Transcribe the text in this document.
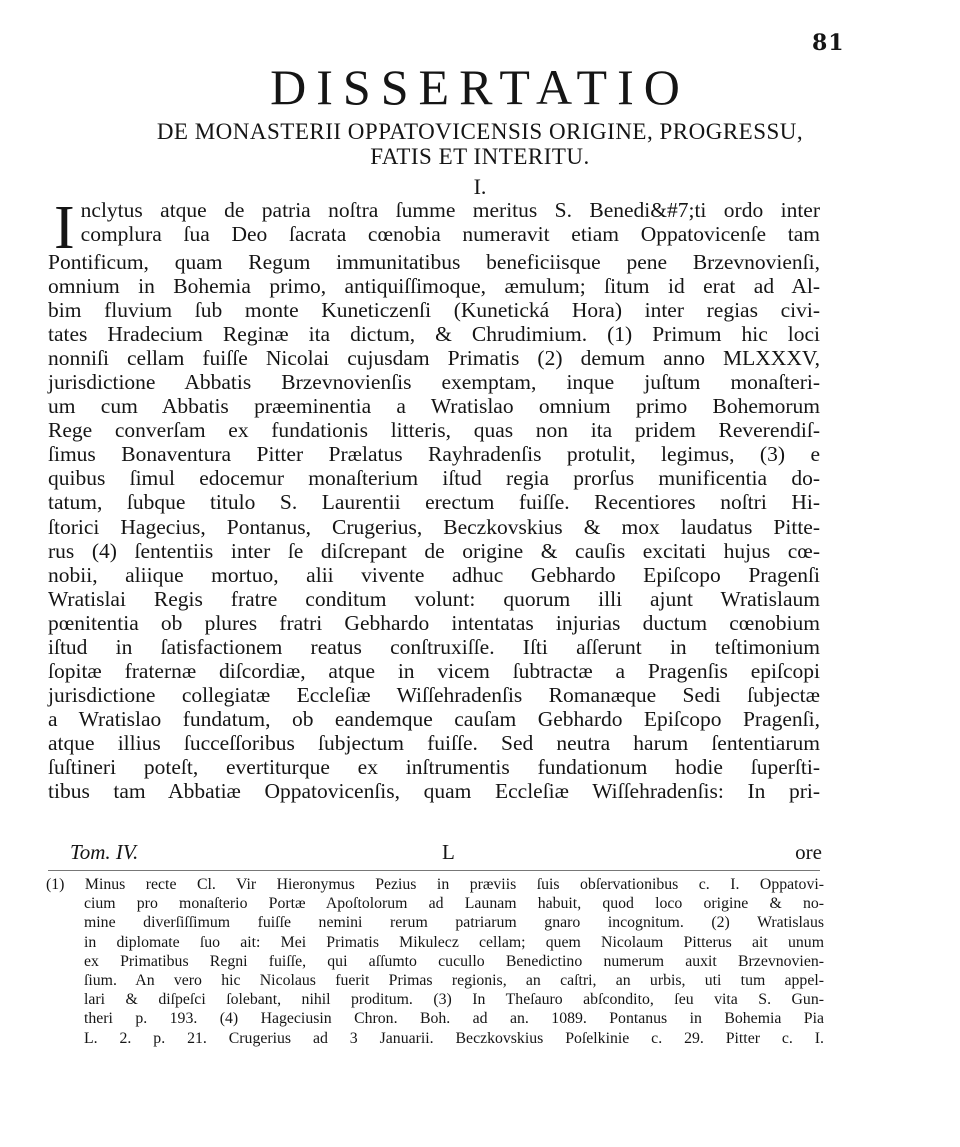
81
DISSERTATIO
DE MONASTERII OPPATOVICENSIS ORIGINE, PROGRESSU,
FATIS ET INTERITU.
I.
I nclytus atque de patria noſtra ſumme meritus S. Benedi&#7;ti ordo inter
complura ſua Deo ſacrata cœnobia numeravit etiam Oppatovicenſe tam
Pontificum, quam Regum immunitatibus beneficiisque pene Brzevnovienſi,
omnium in Bohemia primo, antiquiſſimoque, æmulum; ſitum id erat ad Al-
bim fluvium ſub monte Kuneticzenſi (Kunetická Hora) inter regias civi-
tates Hradecium Reginæ ita dictum, & Chrudimium. (1) Primum hic loci
nonniſi cellam fuiſſe Nicolai cujusdam Primatis (2) demum anno MLXXXV,
jurisdictione Abbatis Brzevnovienſis exemptam, inque juſtum monaſteri-
um cum Abbatis præeminentia a Wratislao omnium primo Bohemorum
Rege converſam ex fundationis litteris, quas non ita pridem Reverendiſ-
ſimus Bonaventura Pitter Prælatus Rayhradenſis protulit, legimus, (3) e
quibus ſimul edocemur monaſterium iſtud regia prorſus munificentia do-
tatum, ſubque titulo S. Laurentii erectum fuiſſe. Recentiores noſtri Hi-
ſtorici Hagecius, Pontanus, Crugerius, Beczkovskius & mox laudatus Pitte-
rus (4) ſententiis inter ſe diſcrepant de origine & cauſis excitati hujus cœ-
nobii, aliique mortuo, alii vivente adhuc Gebhardo Epiſcopo Pragenſi
Wratislai Regis fratre conditum volunt: quorum illi ajunt Wratislaum
pœnitentia ob plures fratri Gebhardo intentatas injurias ductum cœnobium
iſtud in ſatisfactionem reatus conſtruxiſſe. Iſti aſſerunt in teſtimonium
ſopitæ fraternæ diſcordiæ, atque in vicem ſubtractæ a Pragenſis epiſcopi
jurisdictione collegiatæ Eccleſiæ Wiſſehradenſis Romanæque Sedi ſubjectæ
a Wratislao fundatum, ob eandemque cauſam Gebhardo Epiſcopo Pragenſi,
atque illius ſucceſſoribus ſubjectum fuiſſe. Sed neutra harum ſententiarum
ſuſtineri poteſt, evertiturque ex inſtrumentis fundationum hodie ſuperſti-
tibus tam Abbatiæ Oppatovicenſis, quam Eccleſiæ Wiſſehradenſis: In pri-
Tom. IV.	L	ore
(1) Minus recte Cl. Vir Hieronymus Pezius in præviis ſuis obſervationibus c. I. Oppatovi-
cium pro monaſterio Portæ Apoſtolorum ad Launam habuit, quod loco origine & no-
mine diverſiſſimum fuiſſe nemini rerum patriarum gnaro incognitum. (2) Wratislaus
in diplomate ſuo ait: Mei Primatis Mikulecz cellam; quem Nicolaum Pitterus ait unum
ex Primatibus Regni fuiſſe, qui aſſumto cucullo Benedictino numerum auxit Brzevnovien-
ſium. An vero hic Nicolaus fuerit Primas regionis, an caſtri, an urbis, uti tum appel-
lari & diſpeſci ſolebant, nihil proditum. (3) In Theſauro abſcondito, ſeu vita S. Gun-
theri p. 193. (4) Hageciusin Chron. Boh. ad an. 1089. Pontanus in Bohemia Pia
L. 2. p. 21. Crugerius ad 3 Januarii. Beczkovskius Poſelkinie c. 29. Pitter c. I.
